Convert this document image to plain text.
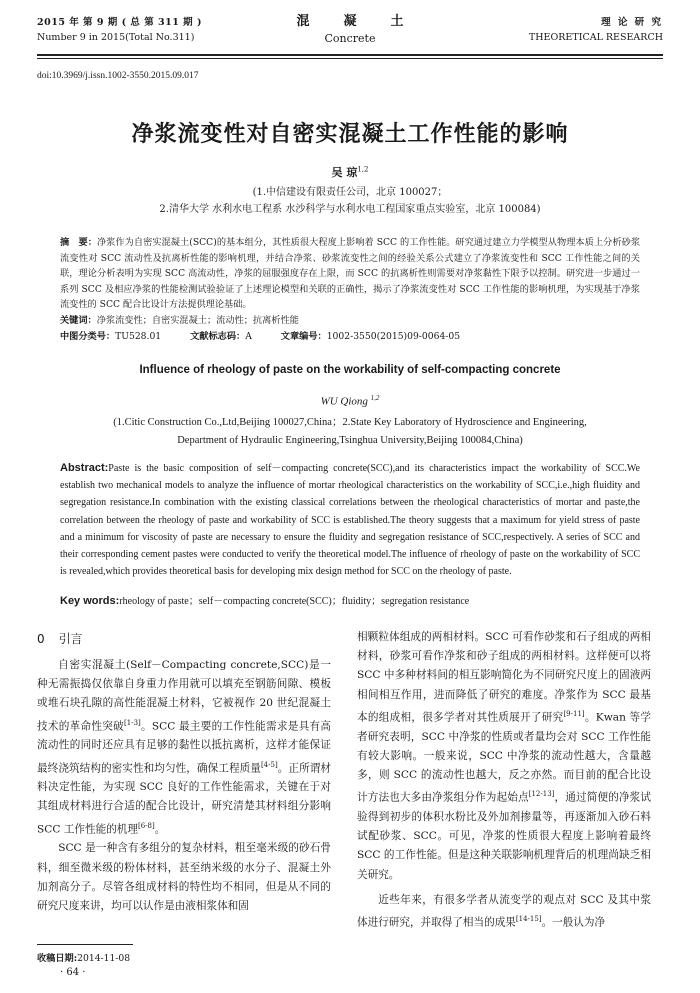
2015 年 第 9 期 ( 总 第 311 期 )
Number 9 in 2015(Total No.311)
混凝土
Concrete
理 论 研 究
THEORETICAL RESEARCH
doi:10.3969/j.issn.1002-3550.2015.09.017
净浆流变性对自密实混凝土工作性能的影响
吴 琼$^{1,2}$
(1.中信建设有限责任公司，北京 100027；
2.清华大学 水利水电工程系 水沙科学与水利水电工程国家重点实验室，北京 100084)
摘　要：净浆作为自密实混凝土(SCC)的基本组分，其性质很大程度上影响着 SCC 的工作性能。研究通过建立力学模型从物理本质上分析砂浆流变性对 SCC 流动性及抗离析性能的影响机理，并结合净浆、砂浆流变性之间的经验关系公式建立了净浆流变性和 SCC 工作性能之间的关联，理论分析表明为实现 SCC 高流动性，净浆的屈服强度存在上限，而 SCC 的抗离析性则需要对净浆黏性下限予以控制。研究进一步通过一系列 SCC 及相应净浆的性能检测试验验证了上述理论模型和关联的正确性，揭示了净浆流变性对 SCC 工作性能的影响机理，为实现基于净浆流变性的 SCC 配合比设计方法提供理论基础。
关键词：净浆流变性；自密实混凝土；流动性；抗离析性能
中图分类号：TU528.01	文献标志码：A	文章编号：1002-3550(2015)09-0064-05
Influence of rheology of paste on the workability of self-compacting concrete
WU Qiong $^{1,2}$
(1.Citic Construction Co.,Ltd,Beijing 100027,China；2.State Key Laboratory of Hydroscience and Engineering,
Department of Hydraulic Engineering,Tsinghua University,Beijing 100084,China)
Abstract:Paste is the basic composition of self－compacting concrete(SCC),and its characteristics impact the workability of SCC.We establish two mechanical models to analyze the influence of mortar rheological characteristics on the workability of SCC,i.e.,high fluidity and segregation resistance.In combination with the existing classical correlations between the rheological characteristics of mortar and paste,the correlation between the rheology of paste and workability of SCC is established.The theory suggests that a maximum for yield stress of paste and a minimum for viscosity of paste are necessary to ensure the fluidity and segregation resistance of SCC,respectively. A series of SCC and their corresponding cement pastes were conducted to verify the theoretical model.The influence of rheology of paste on the workability of SCC is revealed,which provides theoretical basis for developing mix design method for SCC on the rheology of paste.
Key words:rheology of paste；self－compacting concrete(SCC)；fluidity；segregation resistance
0 引言

自密实混凝土(Self－Compacting concrete,SCC)是一种无需振捣仅依靠自身重力作用就可以填充至钢筋间隙、模板或堆石块孔隙的高性能混凝土材料，它被视作 20 世纪混凝土技术的革命性突破[1-3]。SCC 最主要的工作性能需求是具有高流动性的同时还应具有足够的黏性以抵抗离析，这样才能保证最终浇筑结构的密实性和均匀性，确保工程质量[4-5]。正所谓材料决定性能，为实现 SCC 良好的工作性能需求，关键在于对其组成材料进行合适的配合比设计，研究清楚其材料组分影响 SCC 工作性能的机理[6-8]。

SCC 是一种含有多组分的复杂材料，粗至毫米级的砂石骨料，细至微米级的粉体材料，甚至纳米级的水分子、混凝土外加剂高分子。尽管各组成材料的特性均不相同，但是从不同的研究尺度来讲，均可以认作是由液相浆体和固

相颗粒体组成的两相材料。SCC 可看作砂浆和石子组成的两相材料，砂浆可看作净浆和砂子组成的两相材料。这样便可以将 SCC 中多种材料间的相互影响简化为不同研究尺度上的固液两相间相互作用，进而降低了研究的难度。净浆作为 SCC 最基本的组成相，很多学者对其性质展开了研究[9-11]。Kwan 等学者研究表明，SCC 中净浆的性质或者量均会对 SCC 工作性能有较大影响。一般来说，SCC 中净浆的流动性越大，含量越多，则 SCC 的流动性也越大，反之亦然。而目前的配合比设计方法也大多由净浆组分作为起始点[12-13]，通过简便的净浆试验得到初步的体积水粉比及外加剂掺量等，再逐渐加入砂石料试配砂浆、SCC。可见，净浆的性质很大程度上影响着最终 SCC 的工作性能。但是这种关联影响机理背后的机理尚缺乏相关研究。

近些年来，有很多学者从流变学的观点对 SCC 及其中浆体进行研究，并取得了相当的成果[14-15]。一般认为净

收稿日期:2014-11-08
· 64 ·
